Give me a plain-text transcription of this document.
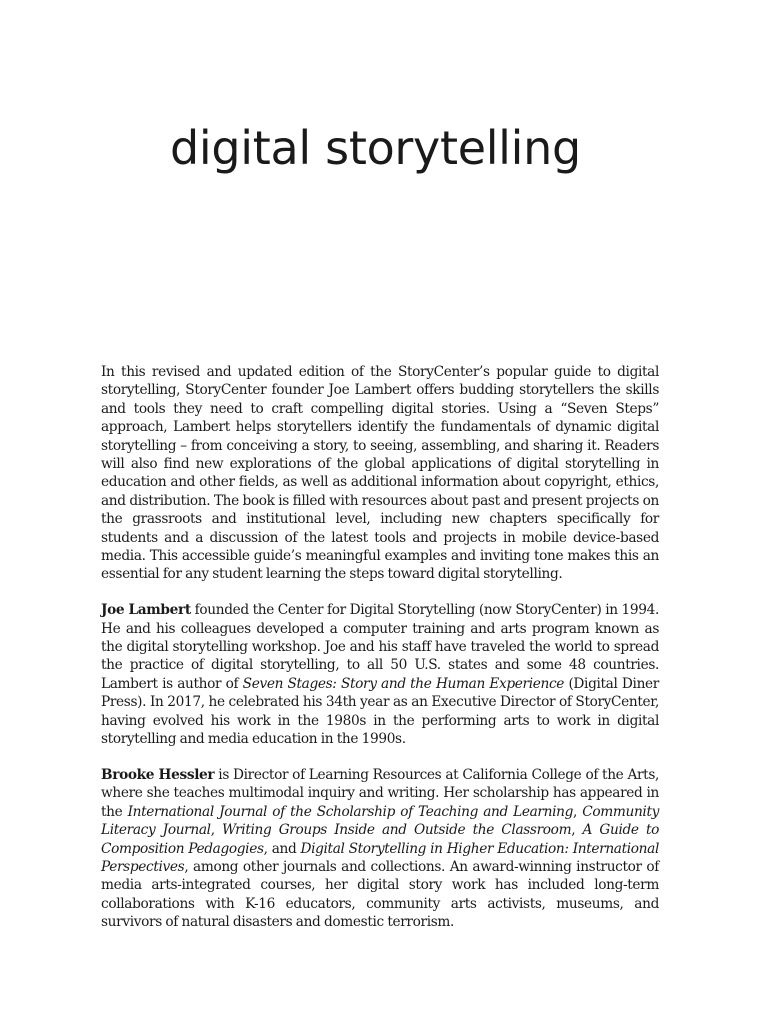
digital storytelling

In this revised and updated edition of the StoryCenter’s popular guide to digital storytelling, StoryCenter founder Joe Lambert offers budding storytellers the skills and tools they need to craft compelling digital stories. Using a “Seven Steps” approach, Lambert helps storytellers identify the fundamentals of dynamic digital storytelling – from conceiving a story, to seeing, assembling, and sharing it. Readers will also find new explorations of the global applications of digital storytelling in education and other fields, as well as additional information about copyright, ethics, and distribution. The book is filled with resources about past and present projects on the grassroots and institutional level, including new chapters specifically for students and a discussion of the latest tools and projects in mobile device-based media. This accessible guide’s meaningful examples and inviting tone makes this an essential for any student learning the steps toward digital storytelling.

Joe Lambert founded the Center for Digital Storytelling (now StoryCenter) in 1994. He and his colleagues developed a computer training and arts program known as the digital storytelling workshop. Joe and his staff have traveled the world to spread the practice of digital storytelling, to all 50 U.S. states and some 48 countries. Lambert is author of Seven Stages: Story and the Human Experience (Digital Diner Press). In 2017, he celebrated his 34th year as an Executive Director of StoryCenter, having evolved his work in the 1980s in the performing arts to work in digital storytelling and media education in the 1990s.

Brooke Hessler is Director of Learning Resources at California College of the Arts, where she teaches multimodal inquiry and writing. Her scholarship has appeared in the International Journal of the Scholarship of Teaching and Learning, Community Literacy Journal, Writing Groups Inside and Outside the Classroom, A Guide to Composition Pedagogies, and Digital Storytelling in Higher Education: International Perspectives, among other journals and collections. An award-winning instructor of media arts-integrated courses, her digital story work has included long-term collaborations with K-16 educators, community arts activists, museums, and survivors of natural disasters and domestic terrorism.
